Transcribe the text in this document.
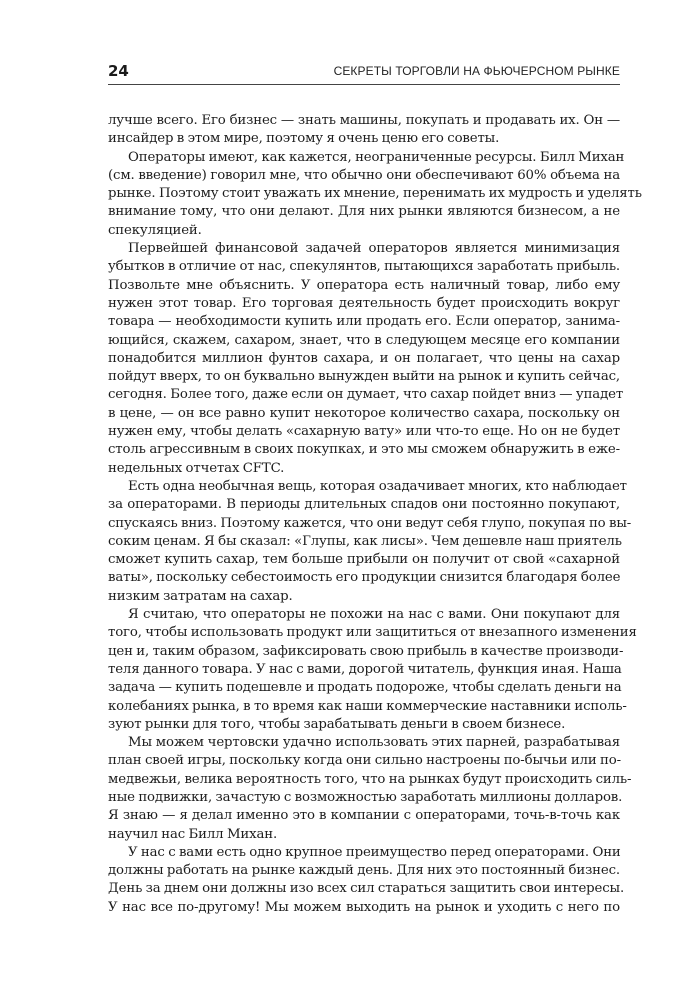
24	СЕКРЕТЫ ТОРГОВЛИ НА ФЬЮЧЕРСНОМ РЫНКЕ
лучше всего. Его бизнес — знать машины, покупать и продавать их. Он —
инсайдер в этом мире, поэтому я очень ценю его советы.
Операторы имеют, как кажется, неограниченные ресурсы. Билл Михан
(см. введение) говорил мне, что обычно они обеспечивают 60% объема на
рынке. Поэтому стоит уважать их мнение, перенимать их мудрость и уделять
внимание тому, что они делают. Для них рынки являются бизнесом, а не
спекуляцией.
Первейшей финансовой задачей операторов является минимизация
убытков в отличие от нас, спекулянтов, пытающихся заработать прибыль.
Позвольте мне объяснить. У оператора есть наличный товар, либо ему
нужен этот товар. Его торговая деятельность будет происходить вокруг
товара — необходимости купить или продать его. Если оператор, занима-
ющийся, скажем, сахаром, знает, что в следующем месяце его компании
понадобится миллион фунтов сахара, и он полагает, что цены на сахар
пойдут вверх, то он буквально вынужден выйти на рынок и купить сейчас,
сегодня. Более того, даже если он думает, что сахар пойдет вниз — упадет
в цене, — он все равно купит некоторое количество сахара, поскольку он
нужен ему, чтобы делать «сахарную вату» или что-то еще. Но он не будет
столь агрессивным в своих покупках, и это мы сможем обнаружить в еже-
недельных отчетах CFTC.
Есть одна необычная вещь, которая озадачивает многих, кто наблюдает
за операторами. В периоды длительных спадов они постоянно покупают,
спускаясь вниз. Поэтому кажется, что они ведут себя глупо, покупая по вы-
соким ценам. Я бы сказал: «Глупы, как лисы». Чем дешевле наш приятель
сможет купить сахар, тем больше прибыли он получит от свой «сахарной
ваты», поскольку себестоимость его продукции снизится благодаря более
низким затратам на сахар.
Я считаю, что операторы не похожи на нас с вами. Они покупают для
того, чтобы использовать продукт или защититься от внезапного изменения
цен и, таким образом, зафиксировать свою прибыль в качестве производи-
теля данного товара. У нас с вами, дорогой читатель, функция иная. Наша
задача — купить подешевле и продать подороже, чтобы сделать деньги на
колебаниях рынка, в то время как наши коммерческие наставники исполь-
зуют рынки для того, чтобы зарабатывать деньги в своем бизнесе.
Мы можем чертовски удачно использовать этих парней, разрабатывая
план своей игры, поскольку когда они сильно настроены по-бычьи или по-
медвежьи, велика вероятность того, что на рынках будут происходить силь-
ные подвижки, зачастую с возможностью заработать миллионы долларов.
Я знаю — я делал именно это в компании с операторами, точь-в-точь как
научил нас Билл Михан.
У нас с вами есть одно крупное преимущество перед операторами. Они
должны работать на рынке каждый день. Для них это постоянный бизнес.
День за днем они должны изо всех сил стараться защитить свои интересы.
У нас все по-другому! Мы можем выходить на рынок и уходить с него по
